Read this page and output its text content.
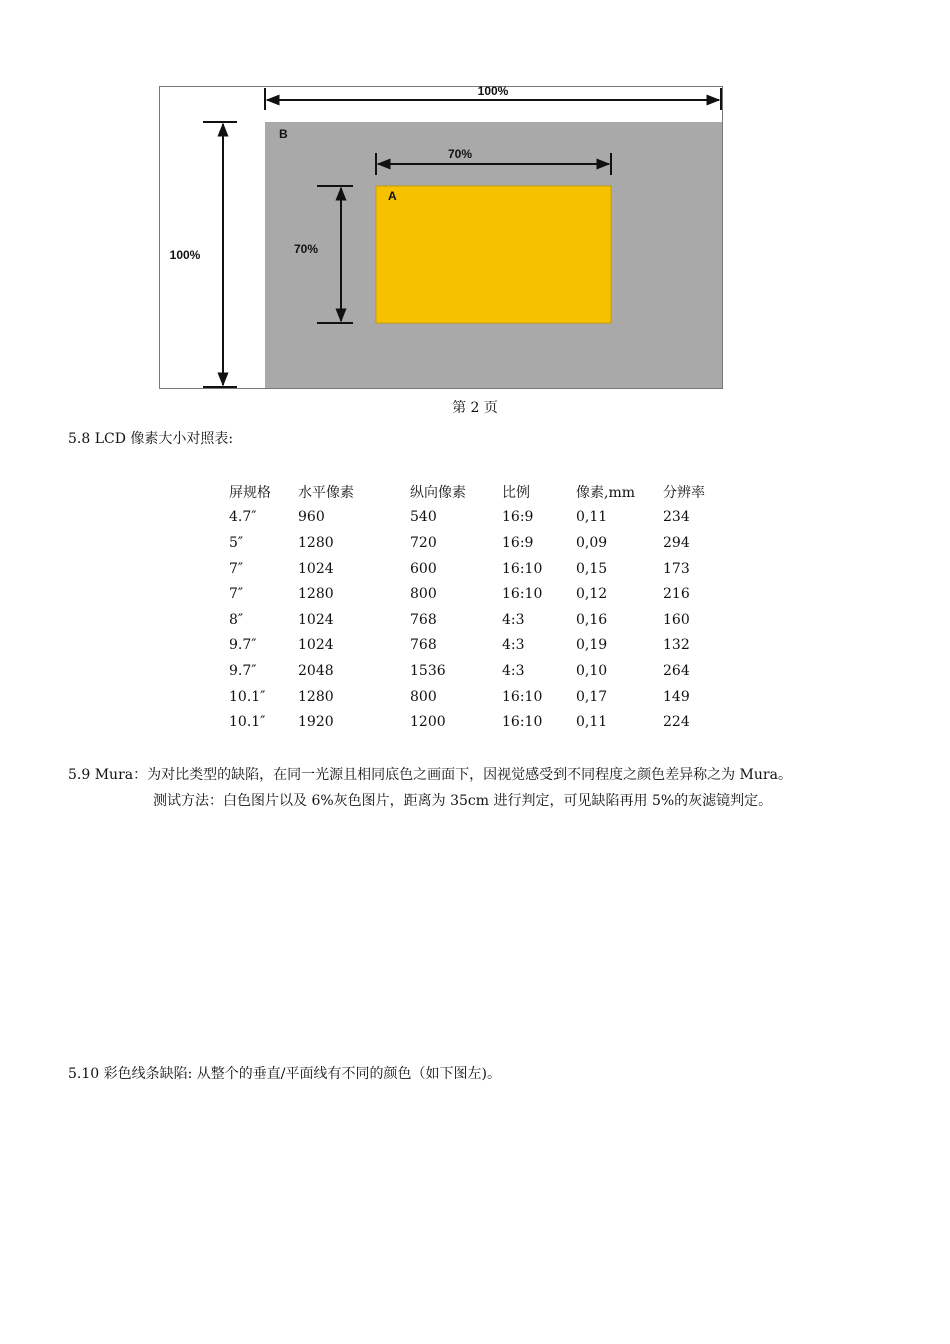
100%
100%
B
A
70%
70%
第 2 页
5.8 LCD 像素大小对照表:
屏规格	水平像素	纵向像素	比例	像素,mm	分辨率
4.7″	960	540	16:9	0,11	234
5″	1280	720	16:9	0,09	294
7″	1024	600	16:10	0,15	173
7″	1280	800	16:10	0,12	216
8″	1024	768	4:3	0,16	160
9.7″	1024	768	4:3	0,19	132
9.7″	2048	1536	4:3	0,10	264
10.1″	1280	800	16:10	0,17	149
10.1″	1920	1200	16:10	0,11	224
5.9 Mura：为对比类型的缺陷，在同一光源且相同底色之画面下，因视觉感受到不同程度之颜色差异称之为 Mura。
测试方法：白色图片以及 6%灰色图片，距离为 35cm 进行判定，可见缺陷再用 5%的灰滤镜判定。
5.10 彩色线条缺陷: 从整个的垂直/平面线有不同的颜色（如下图左)。
